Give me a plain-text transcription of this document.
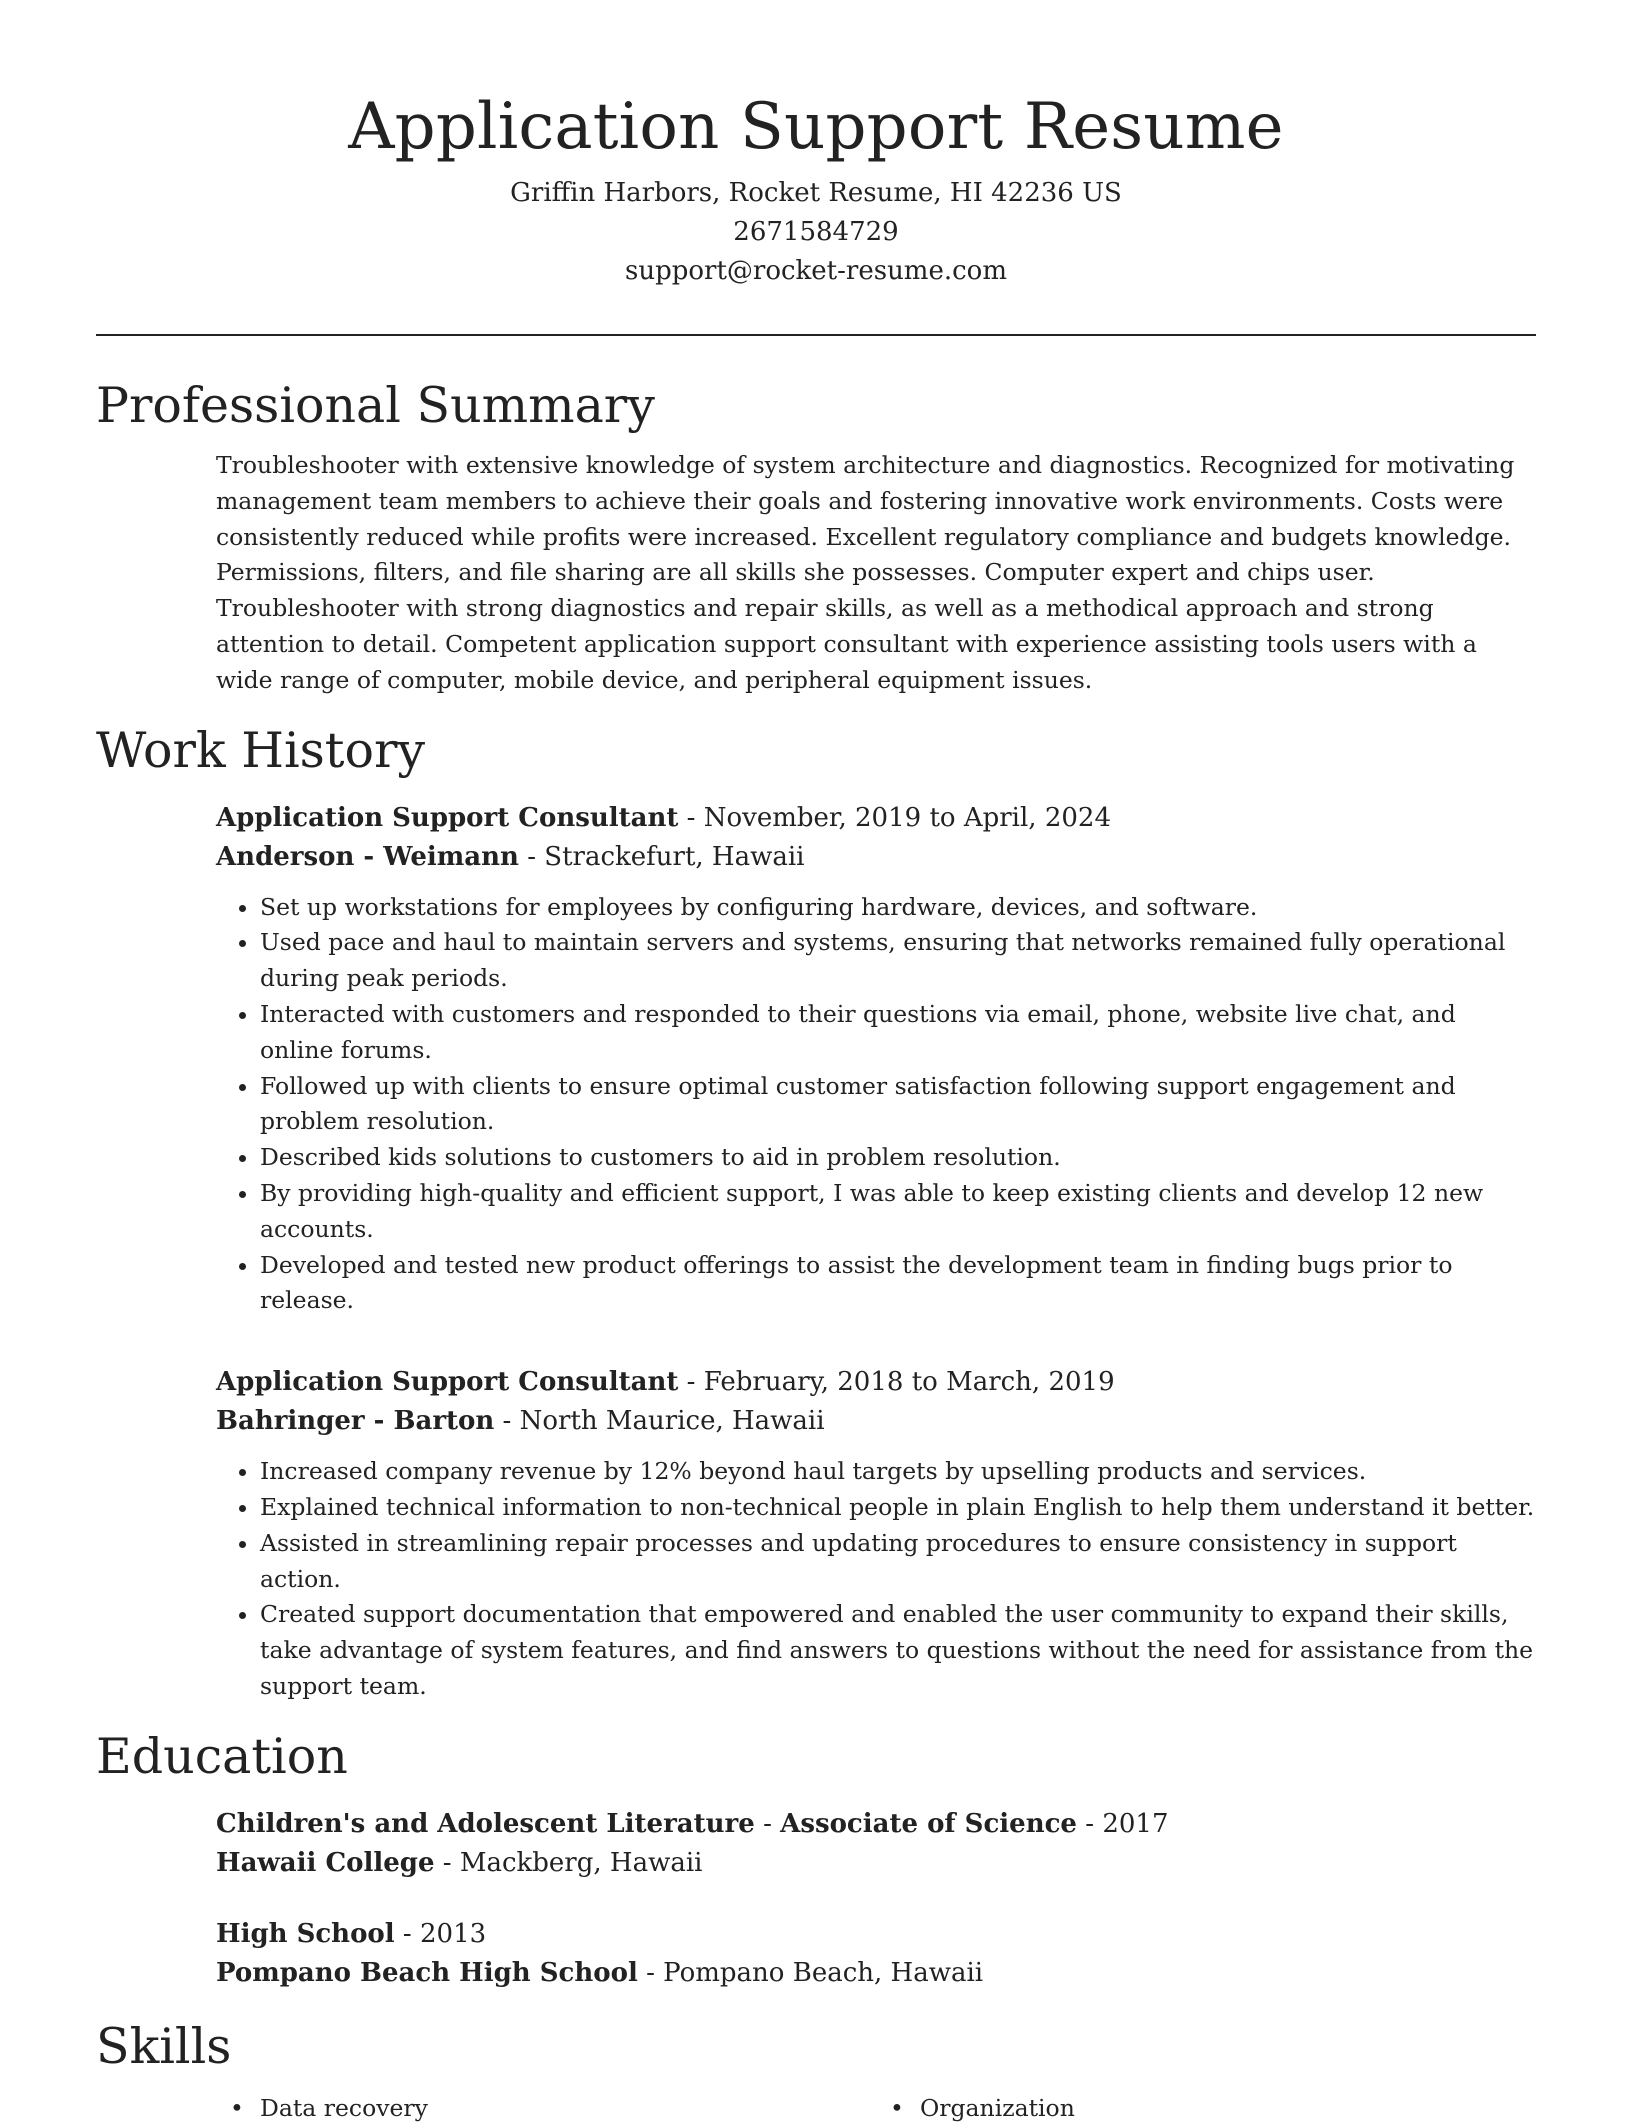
Application Support Resume
Griffin Harbors, Rocket Resume, HI 42236 US
2671584729
support@rocket-resume.com
Professional Summary

Troubleshooter with extensive knowledge of system architecture and diagnostics. Recognized for motivating management team members to achieve their goals and fostering innovative work environments. Costs were consistently reduced while profits were increased. Excellent regulatory compliance and budgets knowledge. Permissions, filters, and file sharing are all skills she possesses. Computer expert and chips user. Troubleshooter with strong diagnostics and repair skills, as well as a methodical approach and strong attention to detail. Competent application support consultant with experience assisting tools users with a wide range of computer, mobile device, and peripheral equipment issues.

Work History

Application Support Consultant - November, 2019 to April, 2024

Anderson - Weimann - Strackefurt, Hawaii

• Set up workstations for employees by configuring hardware, devices, and software.
• Used pace and haul to maintain servers and systems, ensuring that networks remained fully operational during peak periods.
• Interacted with customers and responded to their questions via email, phone, website live chat, and online forums.
• Followed up with clients to ensure optimal customer satisfaction following support engagement and problem resolution.
• Described kids solutions to customers to aid in problem resolution.
• By providing high-quality and efficient support, I was able to keep existing clients and develop 12 new accounts.
• Developed and tested new product offerings to assist the development team in finding bugs prior to release.

Application Support Consultant - February, 2018 to March, 2019

Bahringer - Barton - North Maurice, Hawaii

• Increased company revenue by 12% beyond haul targets by upselling products and services.
• Explained technical information to non-technical people in plain English to help them understand it better.
• Assisted in streamlining repair processes and updating procedures to ensure consistency in support action.
• Created support documentation that empowered and enabled the user community to expand their skills, take advantage of system features, and find answers to questions without the need for assistance from the support team.
Education

Children's and Adolescent Literature - Associate of Science - 2017

Hawaii College - Mackberg, Hawaii

High School - 2013

Pompano Beach High School - Pompano Beach, Hawaii

Skills
• Data recovery
•	Organization
